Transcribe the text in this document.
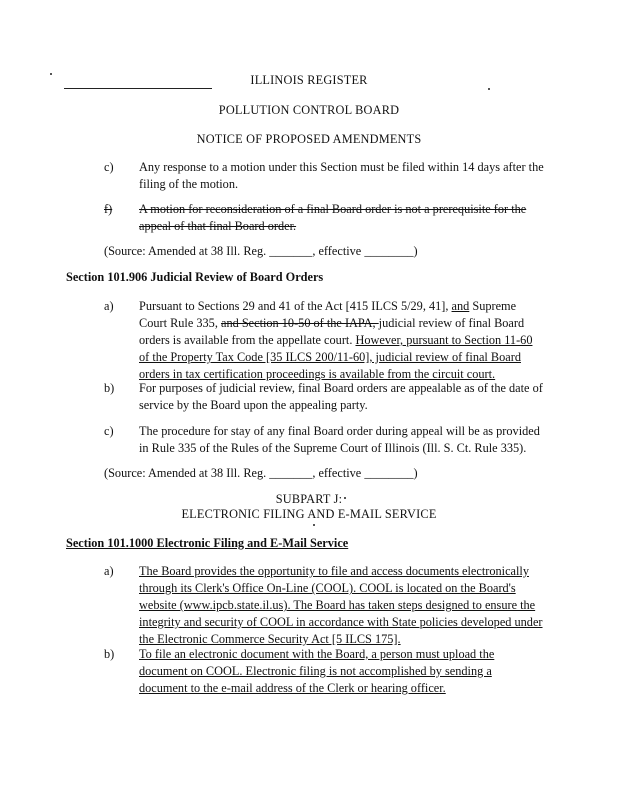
ILLINOIS REGISTER
POLLUTION CONTROL BOARD
NOTICE OF PROPOSED AMENDMENTS
c) Any response to a motion under this Section must be filed within 14 days after the
filing of the motion.
f) A motion for reconsideration of a final Board order is not a prerequisite for the
appeal of that final Board order.
(Source: Amended at 38 Ill. Reg. _______, effective ________)
Section 101.906 Judicial Review of Board Orders
a) Pursuant to Sections 29 and 41 of the Act [415 ILCS 5/29, 41], and Supreme
Court Rule 335, and Section 10-50 of the IAPA, judicial review of final Board
orders is available from the appellate court. However, pursuant to Section 11-60
of the Property Tax Code [35 ILCS 200/11-60], judicial review of final Board
orders in tax certification proceedings is available from the circuit court.
b) For purposes of judicial review, final Board orders are appealable as of the date of
service by the Board upon the appealing party.
c) The procedure for stay of any final Board order during appeal will be as provided
in Rule 335 of the Rules of the Supreme Court of Illinois (Ill. S. Ct. Rule 335).
(Source: Amended at 38 Ill. Reg. _______, effective ________)
SUBPART J:
ELECTRONIC FILING AND E-MAIL SERVICE
Section 101.1000 Electronic Filing and E-Mail Service
a) The Board provides the opportunity to file and access documents electronically
through its Clerk's Office On-Line (COOL). COOL is located on the Board's
website (www.ipcb.state.il.us). The Board has taken steps designed to ensure the
integrity and security of COOL in accordance with State policies developed under
the Electronic Commerce Security Act [5 ILCS 175].
b) To file an electronic document with the Board, a person must upload the
document on COOL. Electronic filing is not accomplished by sending a
document to the e-mail address of the Clerk or hearing officer.
